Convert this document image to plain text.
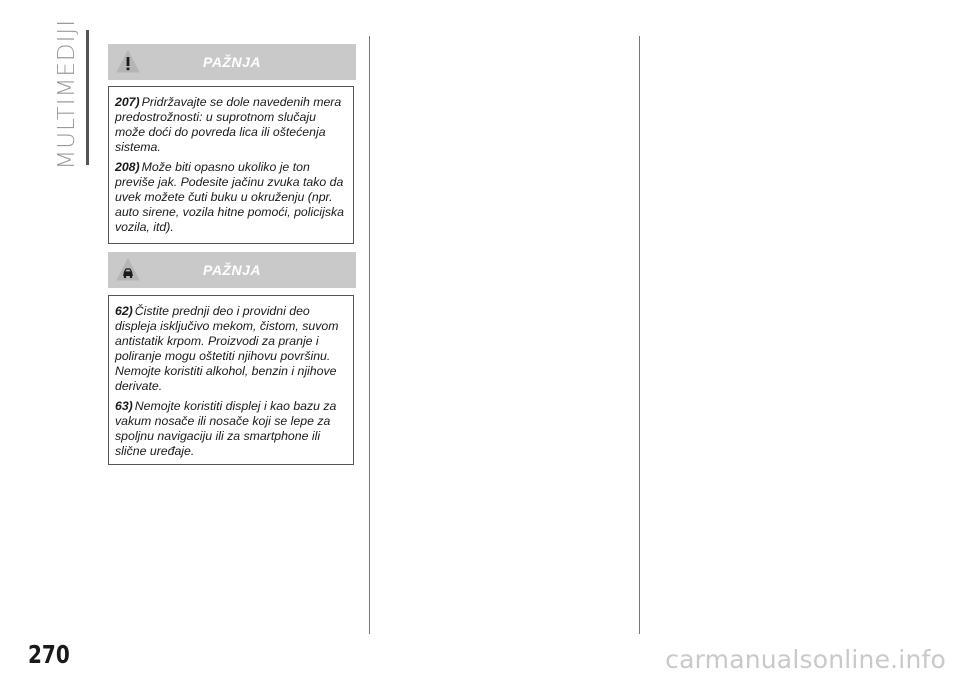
MULTIMEDIJI	PAŽNJA

207) Pridržavajte se dole navedenih mera predostrožnosti: u suprotnom slučaju može doći do povreda lica ili oštećenja sistema.

208) Može biti opasno ukoliko je ton previše jak. Podesite jačinu zvuka tako da uvek možete čuti buku u okruženju (npr. auto sirene, vozila hitne pomoći, policijska vozila, itd).

PAŽNJA

62) Čistite prednji deo i providni deo displeja isključivo mekom, čistom, suvom antistatik krpom. Proizvodi za pranje i poliranje mogu oštetiti njihovu površinu. Nemojte koristiti alkohol, benzin i njihove derivate.

63) Nemojte koristiti displej i kao bazu za vakum nosače ili nosače koji se lepe za spoljnu navigaciju ili za smartphone ili slične uređaje.

270	carmanualsonline.info
